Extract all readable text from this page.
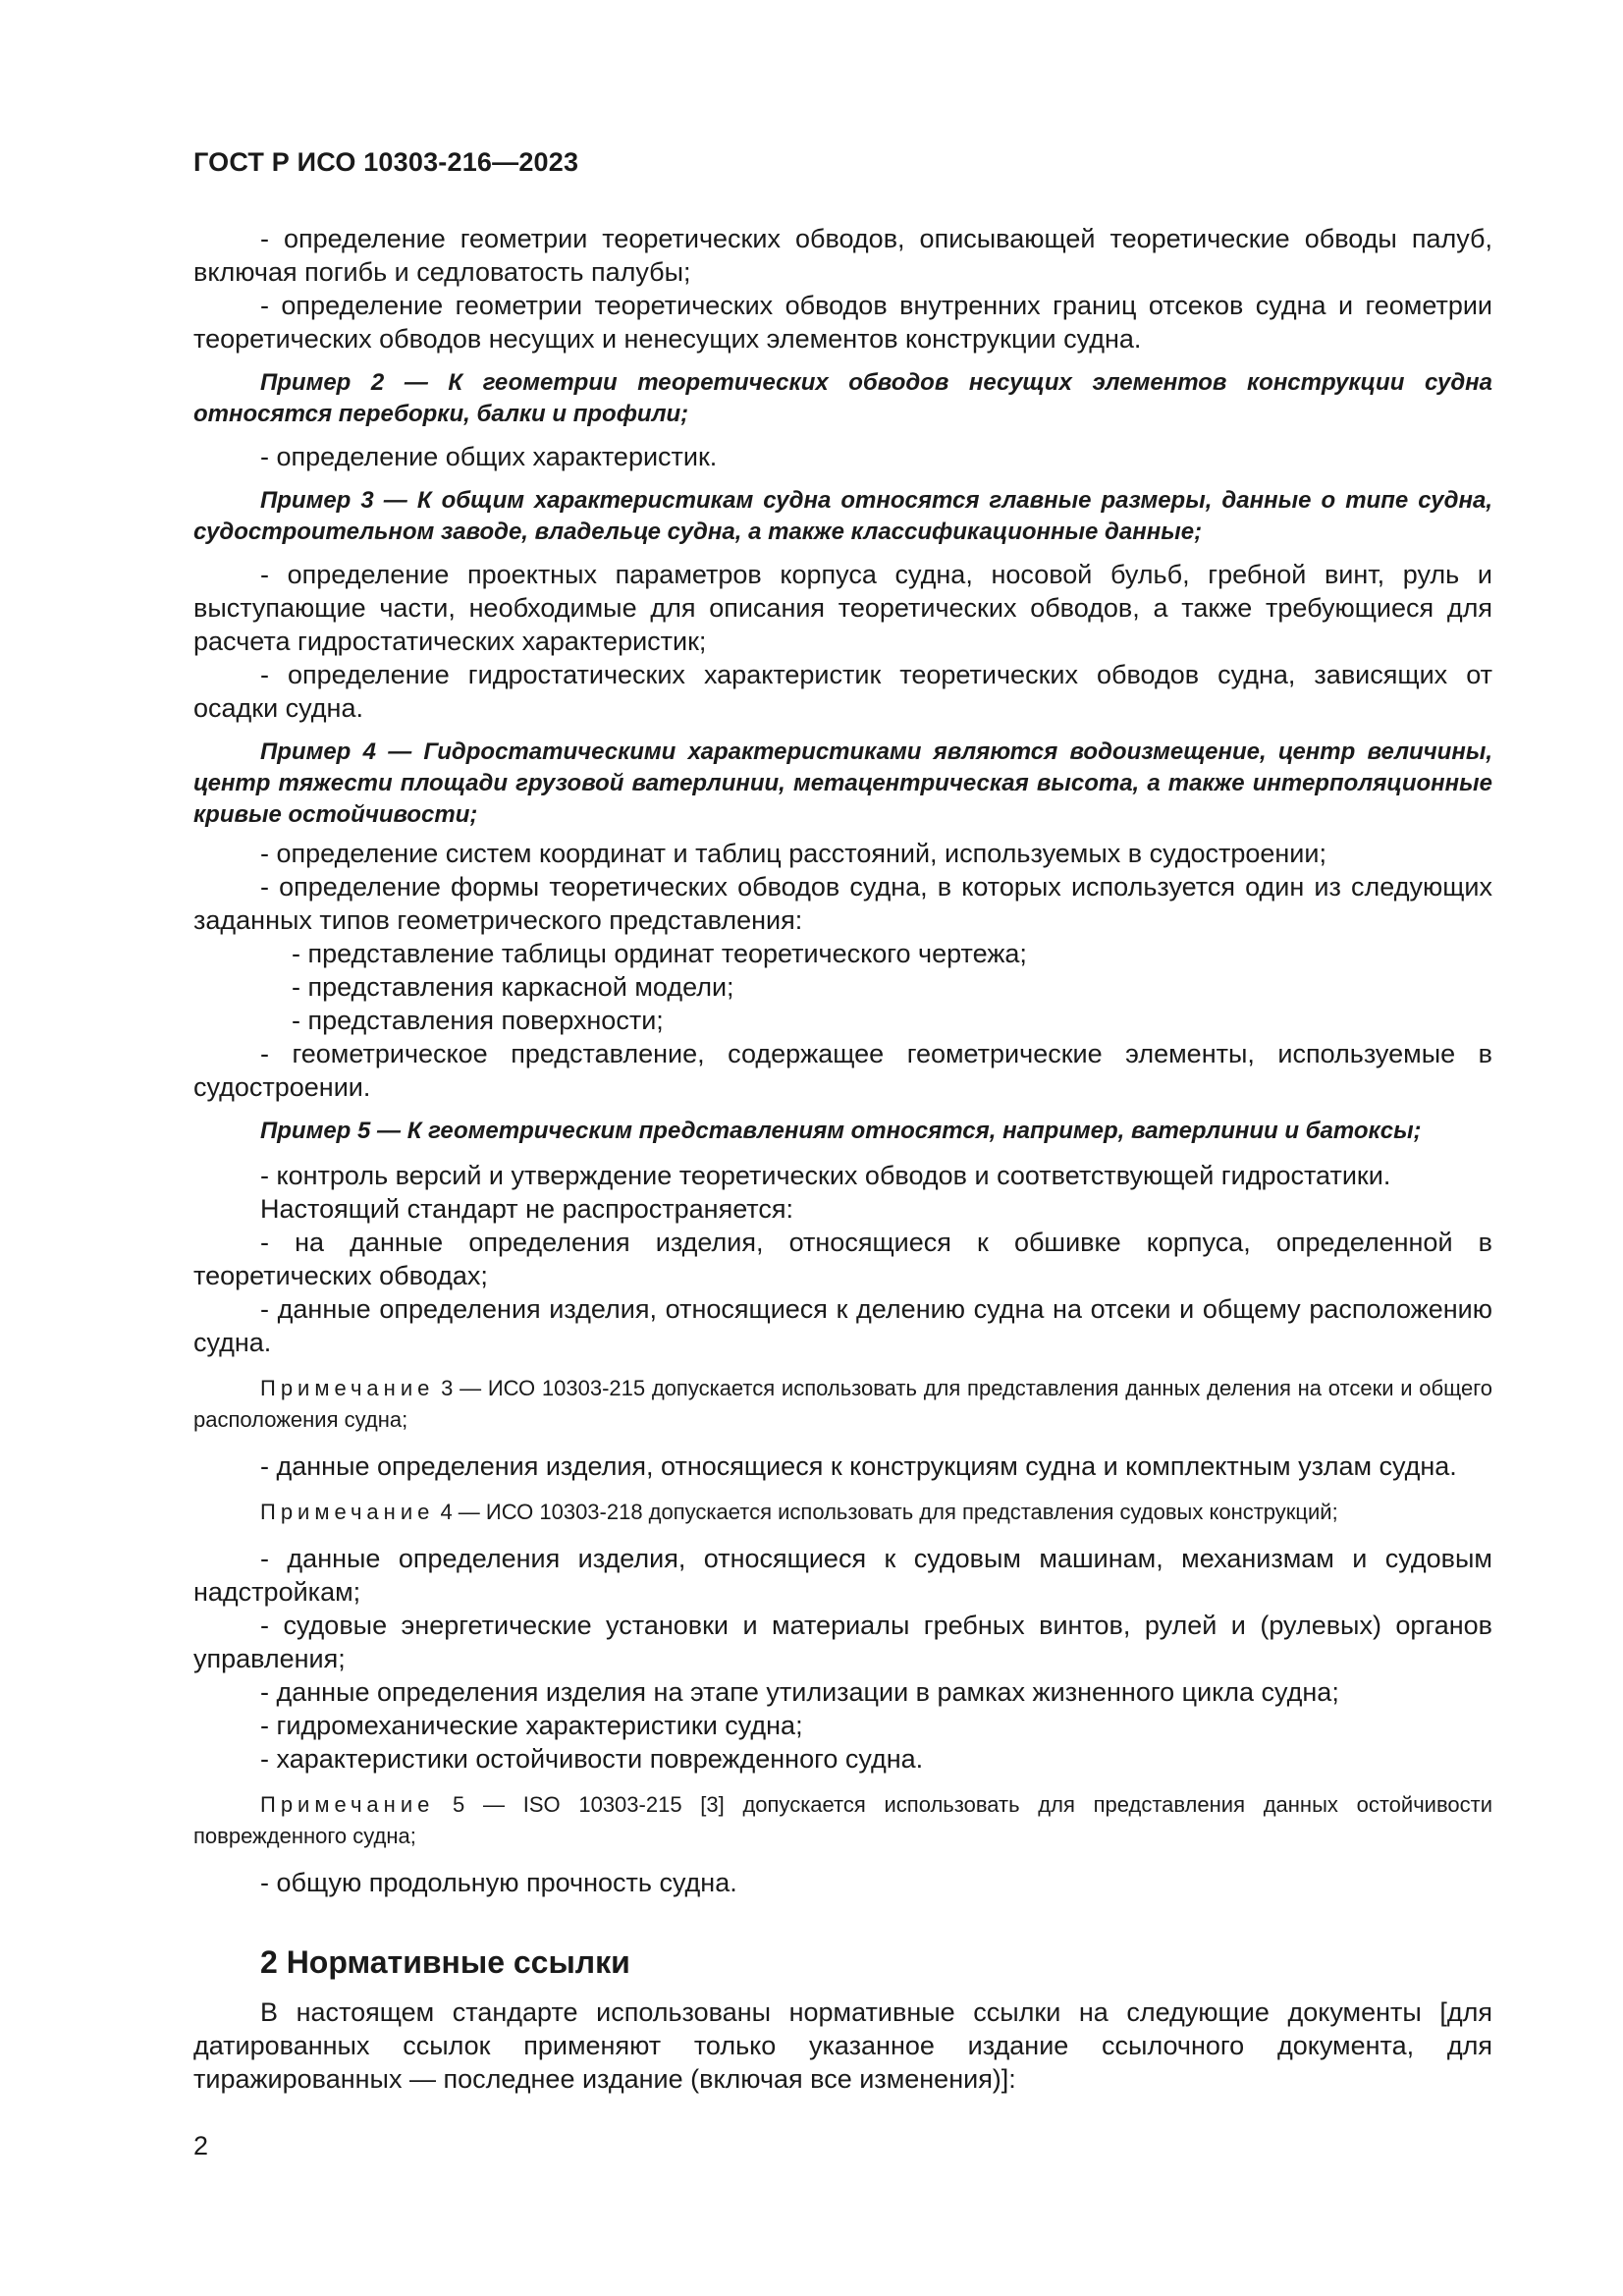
ГОСТ Р ИСО 10303-216—2023

- определение геометрии теоретических обводов, описывающей теоретические обводы палуб, включая погибь и седловатость палубы;

- определение геометрии теоретических обводов внутренних границ отсеков судна и геометрии теоретических обводов несущих и ненесущих элементов конструкции судна.

Пример 2 — К геометрии теоретических обводов несущих элементов конструкции судна относятся переборки, балки и профили;

- определение общих характеристик.

Пример 3 — К общим характеристикам судна относятся главные размеры, данные о типе судна, судостроительном заводе, владельце судна, а также классификационные данные;

- определение проектных параметров корпуса судна, носовой бульб, гребной винт, руль и выступающие части, необходимые для описания теоретических обводов, а также требующиеся для расчета гидростатических характеристик;

- определение гидростатических характеристик теоретических обводов судна, зависящих от осадки судна.

Пример 4 — Гидростатическими характеристиками являются водоизмещение, центр величины, центр тяжести площади грузовой ватерлинии, метацентрическая высота, а также интерполяционные кривые остойчивости;

- определение систем координат и таблиц расстояний, используемых в судостроении;

- определение формы теоретических обводов судна, в которых используется один из следующих заданных типов геометрического представления:

- представление таблицы ординат теоретического чертежа;

- представления каркасной модели;

- представления поверхности;

- геометрическое представление, содержащее геометрические элементы, используемые в судостроении.

Пример 5 — К геометрическим представлениям относятся, например, ватерлинии и батоксы;

- контроль версий и утверждение теоретических обводов и соответствующей гидростатики.

Настоящий стандарт не распространяется:

- на данные определения изделия, относящиеся к обшивке корпуса, определенной в теоретических обводах;

- данные определения изделия, относящиеся к делению судна на отсеки и общему расположению судна.

Примечание 3 — ИСО 10303-215 допускается использовать для представления данных деления на отсеки и общего расположения судна;

- данные определения изделия, относящиеся к конструкциям судна и комплектным узлам судна.

Примечание 4 — ИСО 10303-218 допускается использовать для представления судовых конструкций;

- данные определения изделия, относящиеся к судовым машинам, механизмам и судовым надстройкам;

- судовые энергетические установки и материалы гребных винтов, рулей и (рулевых) органов управления;

- данные определения изделия на этапе утилизации в рамках жизненного цикла судна;

- гидромеханические характеристики судна;

- характеристики остойчивости поврежденного судна.

Примечание 5 — ISO 10303-215 [3] допускается использовать для представления данных остойчивости поврежденного судна;

- общую продольную прочность судна.

2 Нормативные ссылки

В настоящем стандарте использованы нормативные ссылки на следующие документы [для датированных ссылок применяют только указанное издание ссылочного документа, для тиражированных — последнее издание (включая все изменения)]:

2
